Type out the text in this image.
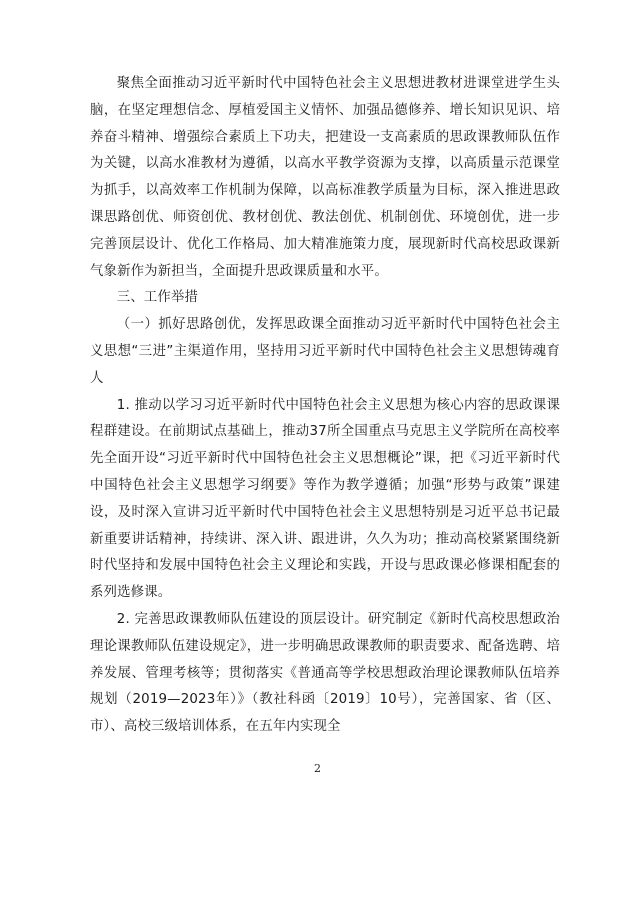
聚焦全面推动习近平新时代中国特色社会主义思想进教材进课堂进学生头脑，在坚定理想信念、厚植爱国主义情怀、加强品德修养、增长知识见识、培养奋斗精神、增强综合素质上下功夫，把建设一支高素质的思政课教师队伍作为关键，以高水准教材为遵循，以高水平教学资源为支撑，以高质量示范课堂为抓手，以高效率工作机制为保障，以高标准教学质量为目标，深入推进思政课思路创优、师资创优、教材创优、教法创优、机制创优、环境创优，进一步完善顶层设计、优化工作格局、加大精准施策力度，展现新时代高校思政课新气象新作为新担当，全面提升思政课质量和水平。

三、工作举措

（一）抓好思路创优，发挥思政课全面推动习近平新时代中国特色社会主义思想“三进”主渠道作用，坚持用习近平新时代中国特色社会主义思想铸魂育人

1. 推动以学习习近平新时代中国特色社会主义思想为核心内容的思政课课程群建设。在前期试点基础上，推动37所全国重点马克思主义学院所在高校率先全面开设“习近平新时代中国特色社会主义思想概论”课，把《习近平新时代中国特色社会主义思想学习纲要》等作为教学遵循；加强“形势与政策”课建设，及时深入宣讲习近平新时代中国特色社会主义思想特别是习近平总书记最新重要讲话精神，持续讲、深入讲、跟进讲，久久为功；推动高校紧紧围绕新时代坚持和发展中国特色社会主义理论和实践，开设与思政课必修课相配套的系列选修课。

2. 完善思政课教师队伍建设的顶层设计。研究制定《新时代高校思想政治理论课教师队伍建设规定》，进一步明确思政课教师的职责要求、配备选聘、培养发展、管理考核等；贯彻落实《普通高等学校思想政治理论课教师队伍培养规划（2019—2023年）》（教社科函〔2019〕10号），完善国家、省（区、市）、高校三级培训体系，在五年内实现全

2
